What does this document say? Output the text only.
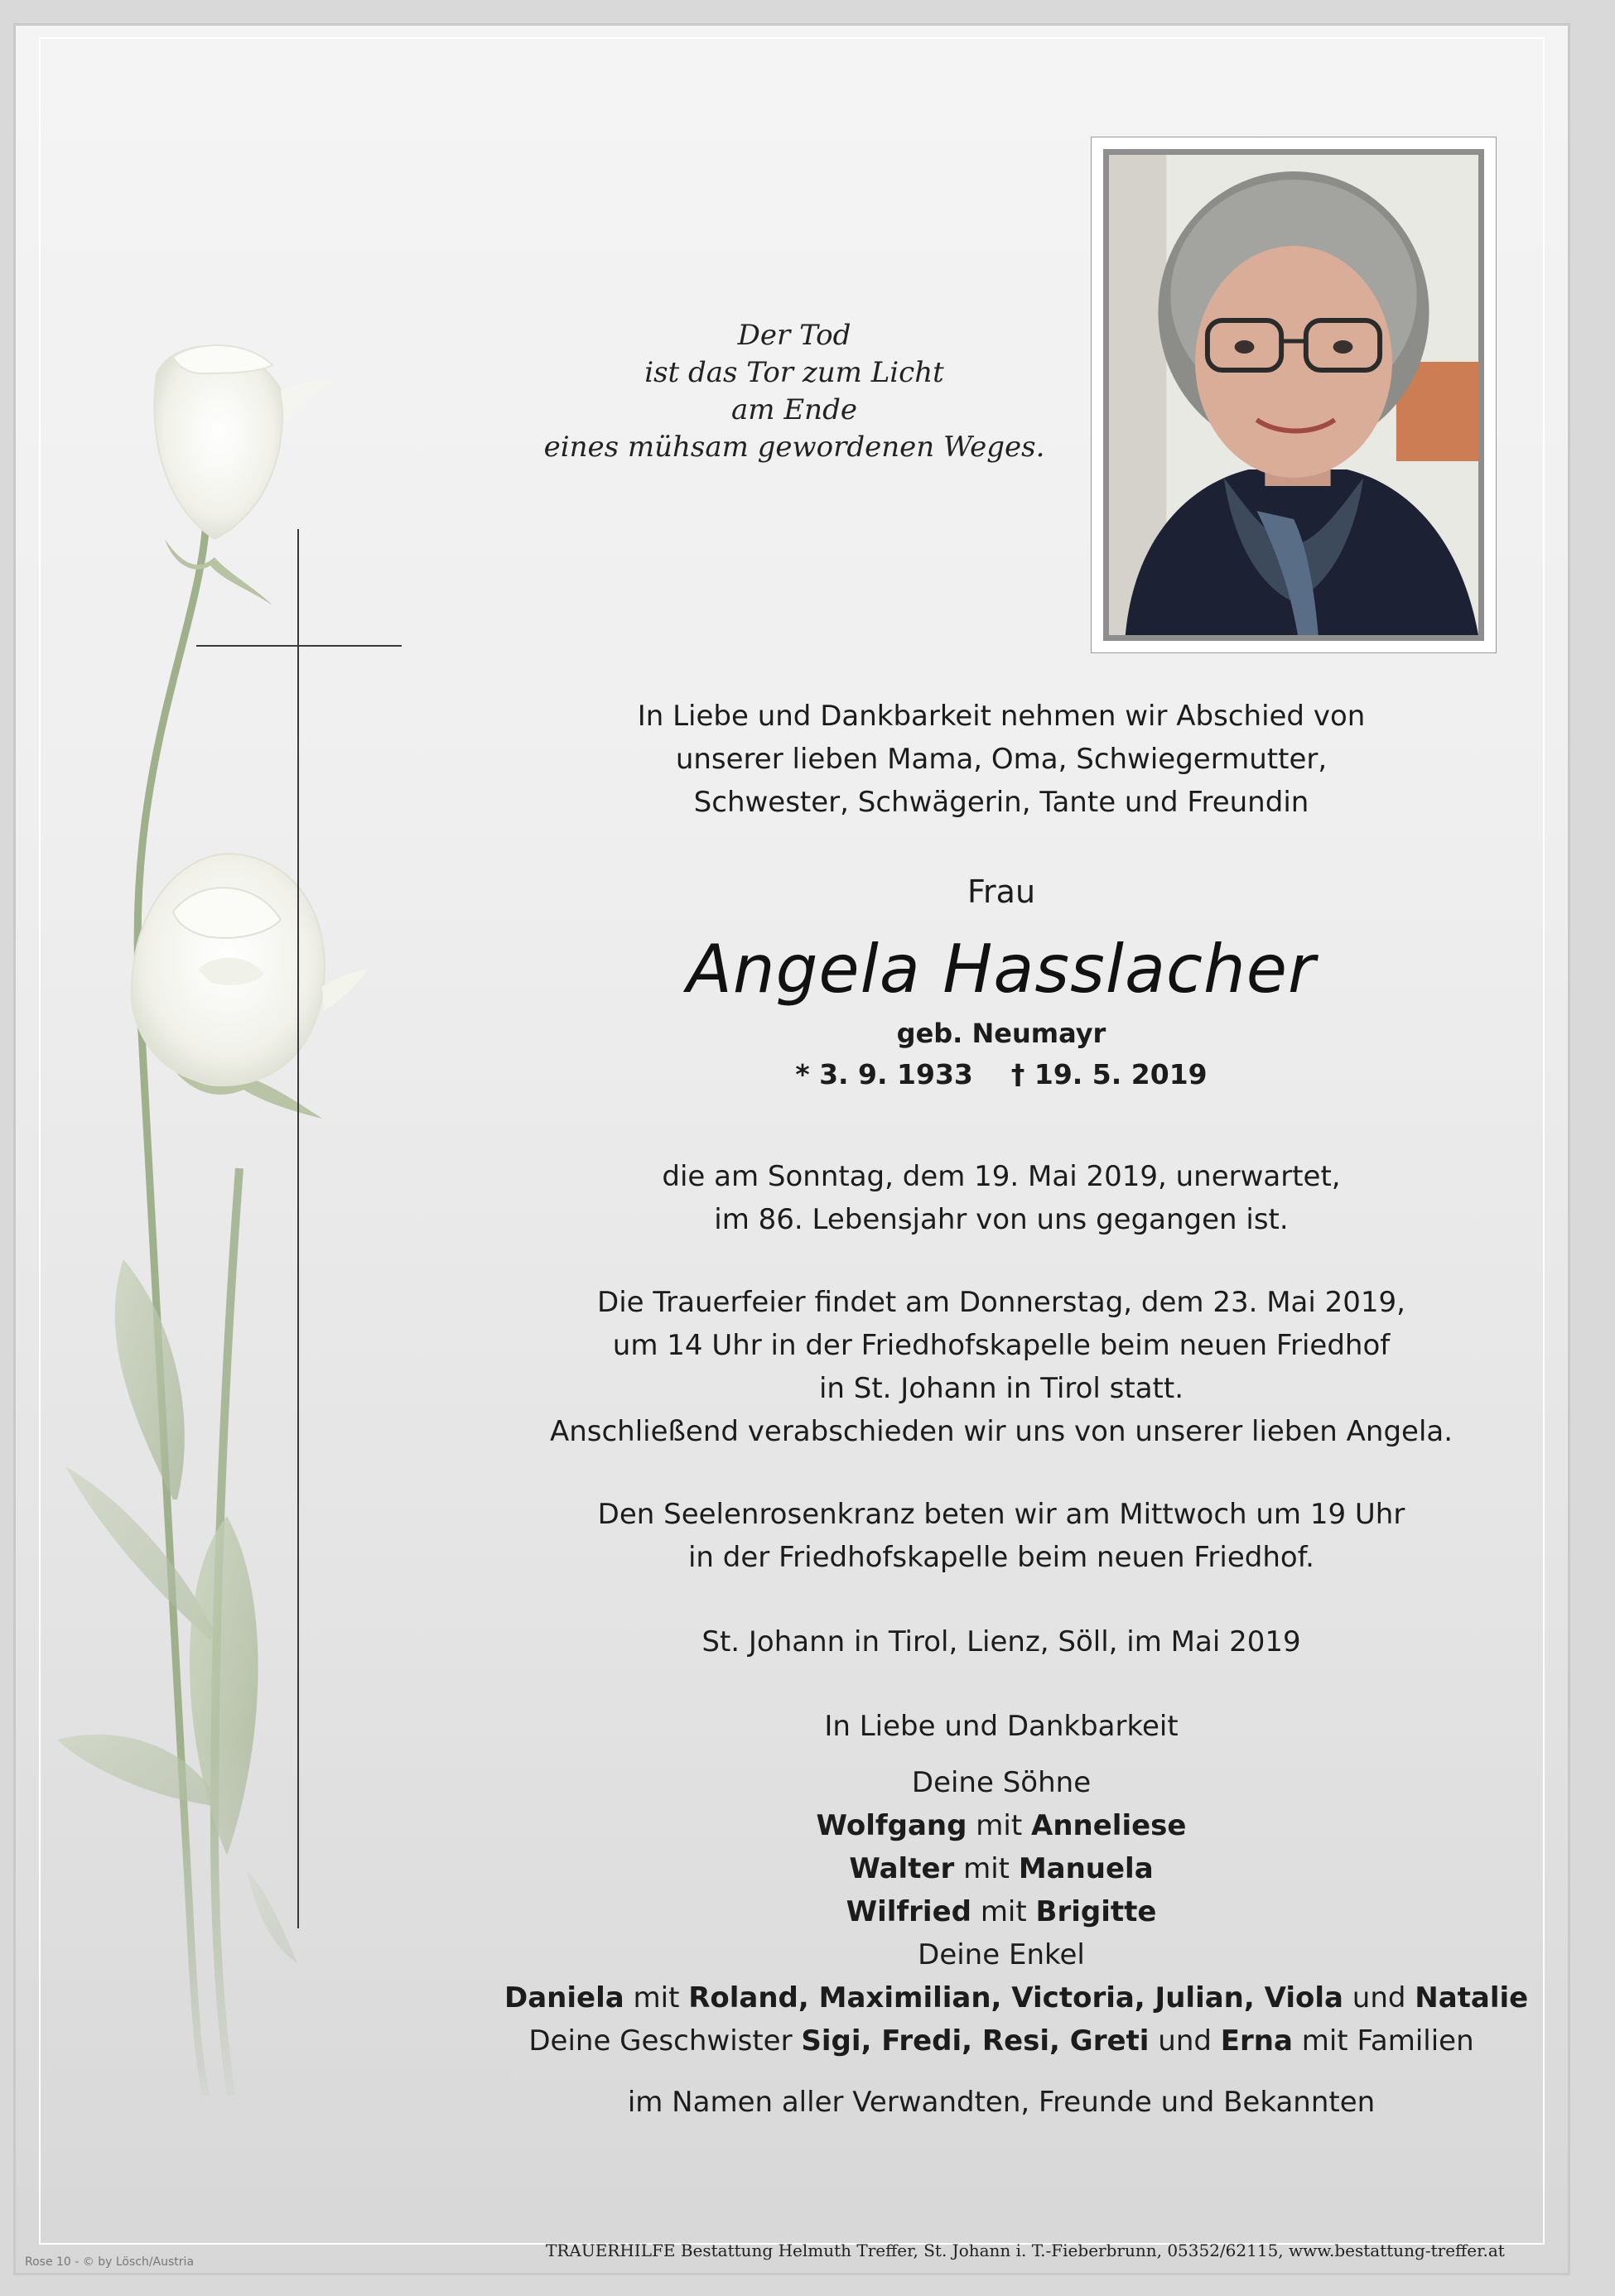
Der Tod
ist das Tor zum Licht
am Ende
eines mühsam gewordenen Weges.
In Liebe und Dankbarkeit nehmen wir Abschied von
unserer lieben Mama, Oma, Schwiegermutter,
Schwester, Schwägerin, Tante und Freundin
Frau
Angela Hasslacher
geb. Neumayr
* 3. 9. 1933 † 19. 5. 2019
die am Sonntag, dem 19. Mai 2019, unerwartet,
im 86. Lebensjahr von uns gegangen ist.
Die Trauerfeier findet am Donnerstag, dem 23. Mai 2019,
um 14 Uhr in der Friedhofskapelle beim neuen Friedhof
in St. Johann in Tirol statt.
Anschließend verabschieden wir uns von unserer lieben Angela.
Den Seelenrosenkranz beten wir am Mittwoch um 19 Uhr
in der Friedhofskapelle beim neuen Friedhof.
St. Johann in Tirol, Lienz, Söll, im Mai 2019
In Liebe und Dankbarkeit
Deine Söhne
Wolfgang mit Anneliese
Walter mit Manuela
Wilfried mit Brigitte
Deine Enkel
Daniela mit Roland, Maximilian, Victoria, Julian, Viola und Natalie
Deine Geschwister Sigi, Fredi, Resi, Greti und Erna mit Familien
im Namen aller Verwandten, Freunde und Bekannten
TRAUERHILFE Bestattung Helmuth Treffer, St. Johann i. T.-Fieberbrunn, 05352/62115, www.bestattung-treffer.at
Rose 10 - © by Lösch/Austria
